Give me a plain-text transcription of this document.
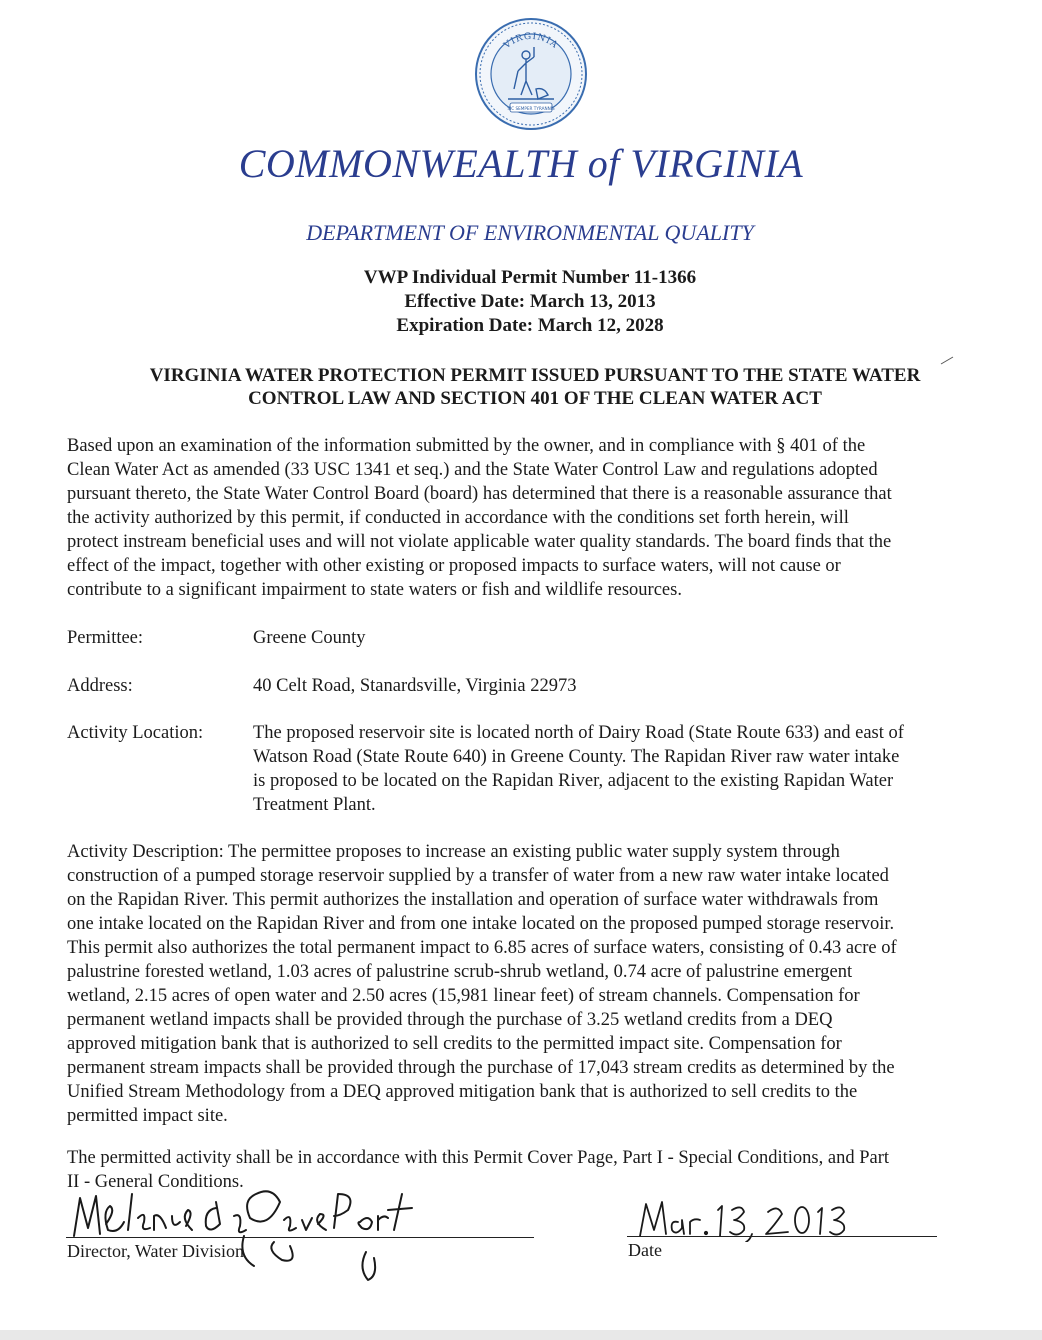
VIRGINIA
SIC SEMPER TYRANNIS
COMMONWEALTH of VIRGINIA
DEPARTMENT OF ENVIRONMENTAL QUALITY
VWP Individual Permit Number 11-1366
Effective Date: March 13, 2013
Expiration Date: March 12, 2028
VIRGINIA WATER PROTECTION PERMIT ISSUED PURSUANT TO THE STATE WATER
CONTROL LAW AND SECTION 401 OF THE CLEAN WATER ACT
Based upon an examination of the information submitted by the owner, and in compliance with § 401 of the
Clean Water Act as amended (33 USC 1341 et seq.) and the State Water Control Law and regulations adopted
pursuant thereto, the State Water Control Board (board) has determined that there is a reasonable assurance that
the activity authorized by this permit, if conducted in accordance with the conditions set forth herein, will
protect instream beneficial uses and will not violate applicable water quality standards. The board finds that the
effect of the impact, together with other existing or proposed impacts to surface waters, will not cause or
contribute to a significant impairment to state waters or fish and wildlife resources.
Permittee:	Greene County
Address:	40 Celt Road, Stanardsville, Virginia 22973
Activity Location:	The proposed reservoir site is located north of Dairy Road (State Route 633) and east of
Watson Road (State Route 640) in Greene County. The Rapidan River raw water intake
is proposed to be located on the Rapidan River, adjacent to the existing Rapidan Water
Treatment Plant.
Activity Description: The permittee proposes to increase an existing public water supply system through
construction of a pumped storage reservoir supplied by a transfer of water from a new raw water intake located
on the Rapidan River. This permit authorizes the installation and operation of surface water withdrawals from
one intake located on the Rapidan River and from one intake located on the proposed pumped storage reservoir.
This permit also authorizes the total permanent impact to 6.85 acres of surface waters, consisting of 0.43 acre of
palustrine forested wetland, 1.03 acres of palustrine scrub-shrub wetland, 0.74 acre of palustrine emergent
wetland, 2.15 acres of open water and 2.50 acres (15,981 linear feet) of stream channels. Compensation for
permanent wetland impacts shall be provided through the purchase of 3.25 wetland credits from a DEQ
approved mitigation bank that is authorized to sell credits to the permitted impact site. Compensation for
permanent stream impacts shall be provided through the purchase of 17,043 stream credits as determined by the
Unified Stream Methodology from a DEQ approved mitigation bank that is authorized to sell credits to the
permitted impact site.
The permitted activity shall be in accordance with this Permit Cover Page, Part I - Special Conditions, and Part
II - General Conditions.
Director, Water Division	Date
